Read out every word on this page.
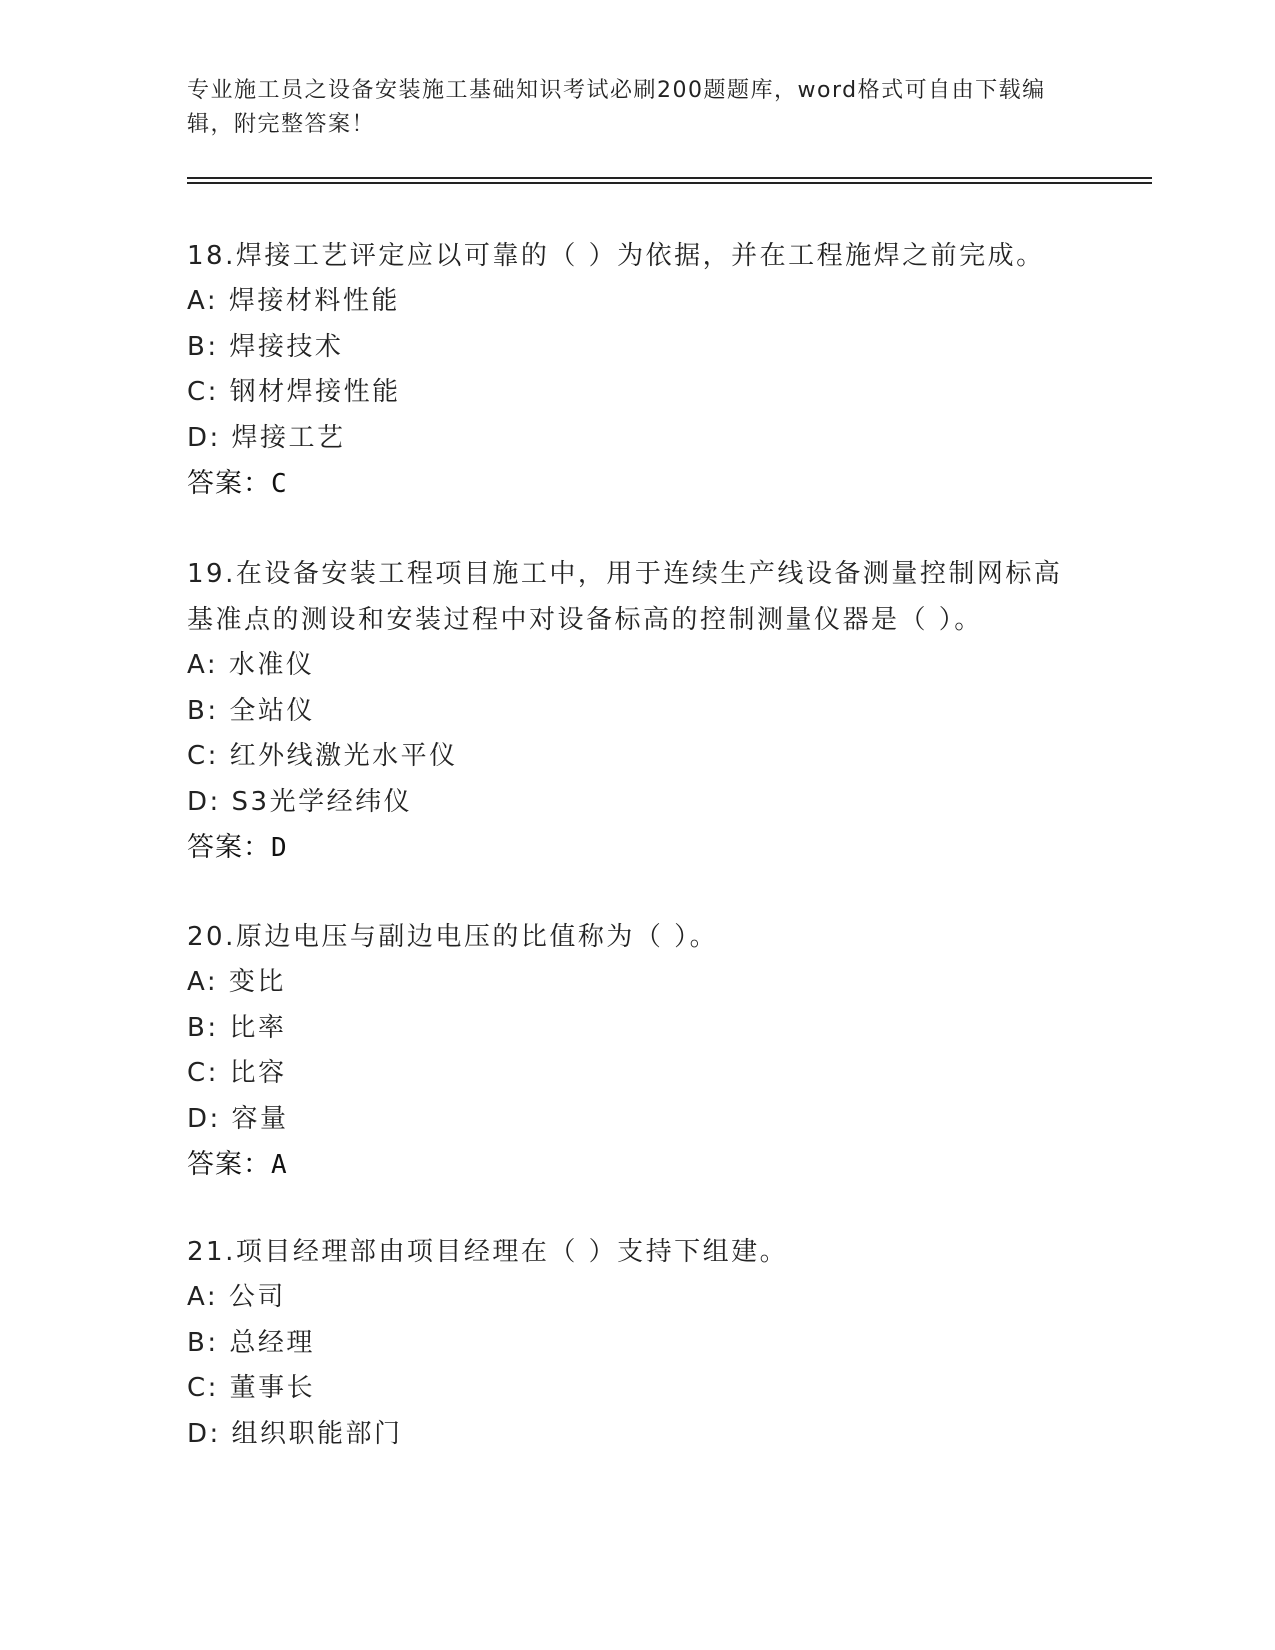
专业施工员之设备安装施工基础知识考试必刷200题题库，word格式可自由下载编辑，附完整答案！
18.焊接工艺评定应以可靠的（ ）为依据，并在工程施焊之前完成。
A: 焊接材料性能
B: 焊接技术
C: 钢材焊接性能
D: 焊接工艺
答案：C
19.在设备安装工程项目施工中，用于连续生产线设备测量控制网标高基准点的测设和安装过程中对设备标高的控制测量仪器是（ ）。
A: 水准仪
B: 全站仪
C: 红外线激光水平仪
D: S3光学经纬仪
答案：D
20.原边电压与副边电压的比值称为（ ）。
A: 变比
B: 比率
C: 比容
D: 容量
答案：A
21.项目经理部由项目经理在（ ）支持下组建。
A: 公司
B: 总经理
C: 董事长
D: 组织职能部门
